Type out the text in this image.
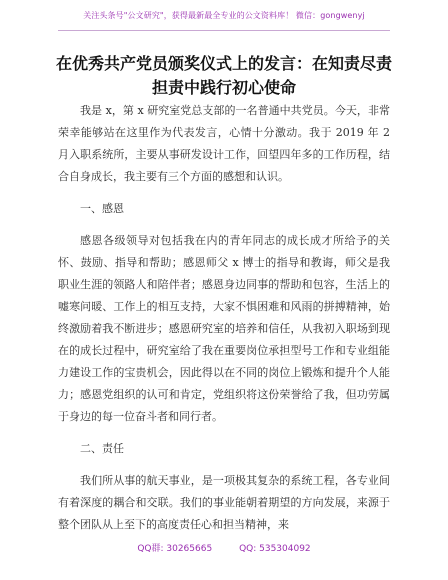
关注头条号"公文研究"，获得最新最全专业的公文资料库！ 微信：gongwenyj
在优秀共产党员颁奖仪式上的发言：在知责尽责担责中践行初心使命

我是 x，第 x 研究室党总支部的一名普通中共党员。今天，非常荣幸能够站在这里作为代表发言，心情十分激动。我于 2019 年 2 月入职系统所，主要从事研发设计工作，回望四年多的工作历程，结合自身成长，我主要有三个方面的感想和认识。

一、感恩

感恩各级领导对包括我在内的青年同志的成长成才所给予的关怀、鼓励、指导和帮助；感恩师父 x 博士的指导和教诲，师父是我职业生涯的领路人和陪伴者；感恩身边同事的帮助和包容，生活上的嘘寒问暖、工作上的相互支持，大家不惧困难和风雨的拼搏精神，始终激励着我不断进步；感恩研究室的培养和信任，从我初入职场到现在的成长过程中，研究室给了我在重要岗位承担型号工作和专业组能力建设工作的宝贵机会，因此得以在不同的岗位上锻炼和提升个人能力；感恩党组织的认可和肯定，党组织将这份荣誉给了我，但功劳属于身边的每一位奋斗者和同行者。

二、责任

我们所从事的航天事业，是一项极其复杂的系统工程，各专业间有着深度的耦合和交联。我们的事业能朝着期望的方向发展，来源于整个团队从上至下的高度责任心和担当精神，来

QQ群: 30265665	QQ: 535304092
